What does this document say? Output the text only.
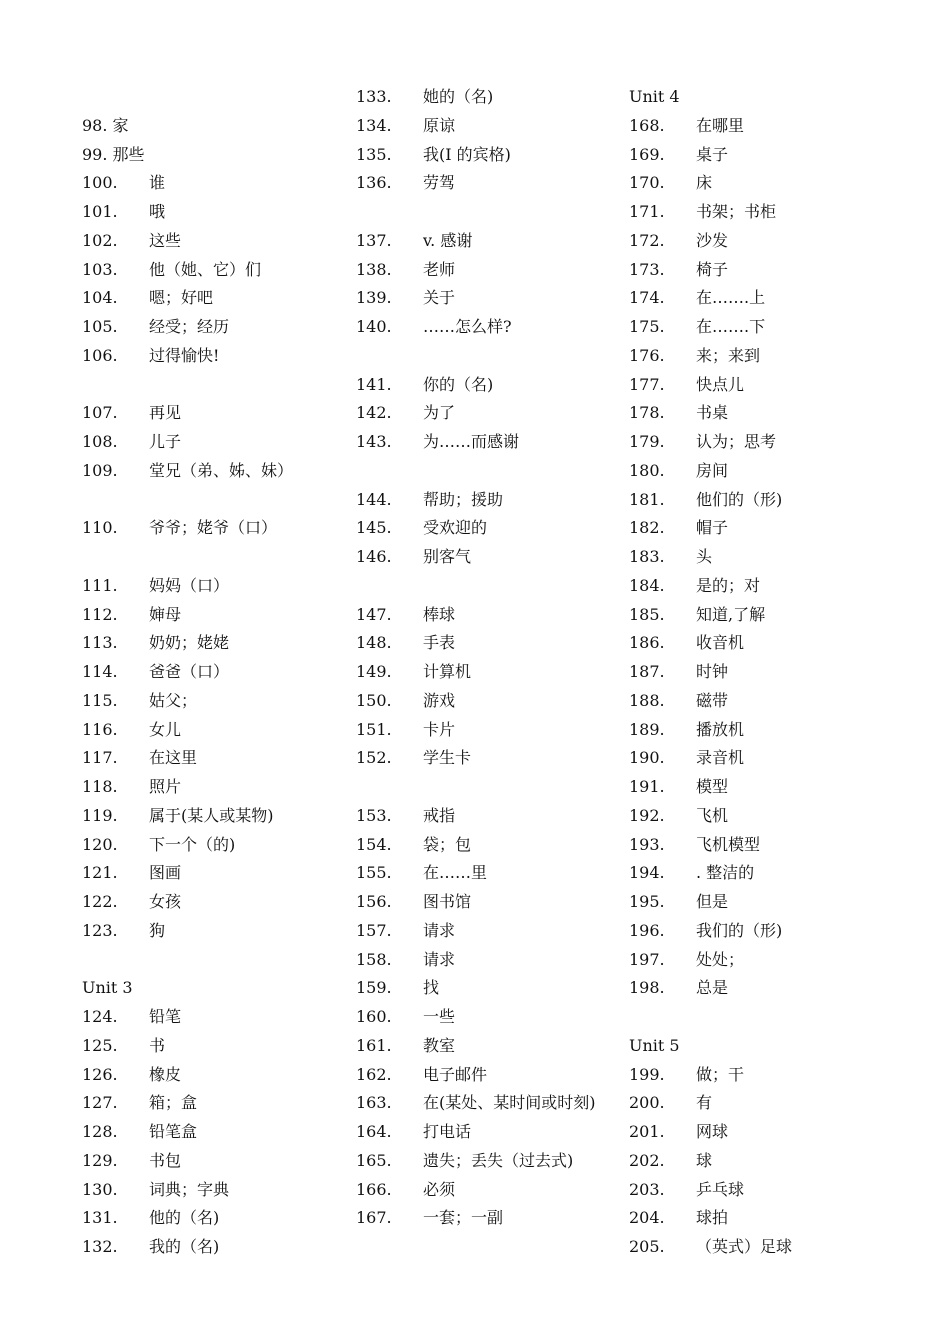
98. 家
99. 那些
100. 谁
101. 哦
102. 这些
103. 他（她、它）们
104. 嗯；好吧
105. 经受；经历
106. 过得愉快!
107. 再见
108. 儿子
109. 堂兄（弟、姊、妹）
110. 爷爷；姥爷（口）
111. 妈妈（口）
112. 婶母
113. 奶奶；姥姥
114. 爸爸（口）
115. 姑父；
116. 女儿
117. 在这里
118. 照片
119. 属于(某人或某物)
120. 下一个（的)
121. 图画
122. 女孩
123. 狗
Unit 3
124. 铅笔
125. 书
126. 橡皮
127. 箱；盒
128. 铅笔盒
129. 书包
130. 词典；字典
131. 他的（名)
132. 我的（名)
133. 她的（名)
134. 原谅
135. 我(I 的宾格)
136. 劳驾
137. v. 感谢
138. 老师
139. 关于
140. ……怎么样?
141. 你的（名)
142. 为了
143. 为……而感谢
144. 帮助；援助
145. 受欢迎的
146. 别客气
147. 棒球
148. 手表
149. 计算机
150. 游戏
151. 卡片
152. 学生卡
153. 戒指
154. 袋；包
155. 在……里
156. 图书馆
157. 请求
158. 请求
159. 找
160. 一些
161. 教室
162. 电子邮件
163. 在(某处、某时间或时刻)
164. 打电话
165. 遗失；丢失（过去式)
166. 必须
167. 一套；一副
Unit 4
168. 在哪里
169. 桌子
170. 床
171. 书架；书柜
172. 沙发
173. 椅子
174. 在…….上
175. 在…….下
176. 来；来到
177. 快点儿
178. 书桌
179. 认为；思考
180. 房间
181. 他们的（形)
182. 帽子
183. 头
184. 是的；对
185. 知道,了解
186. 收音机
187. 时钟
188. 磁带
189. 播放机
190. 录音机
191. 模型
192. 飞机
193. 飞机模型
194. . 整洁的
195. 但是
196. 我们的（形)
197. 处处；
198. 总是
Unit 5
199. 做；干
200. 有
201. 网球
202. 球
203. 乒乓球
204. 球拍
205. （英式）足球
